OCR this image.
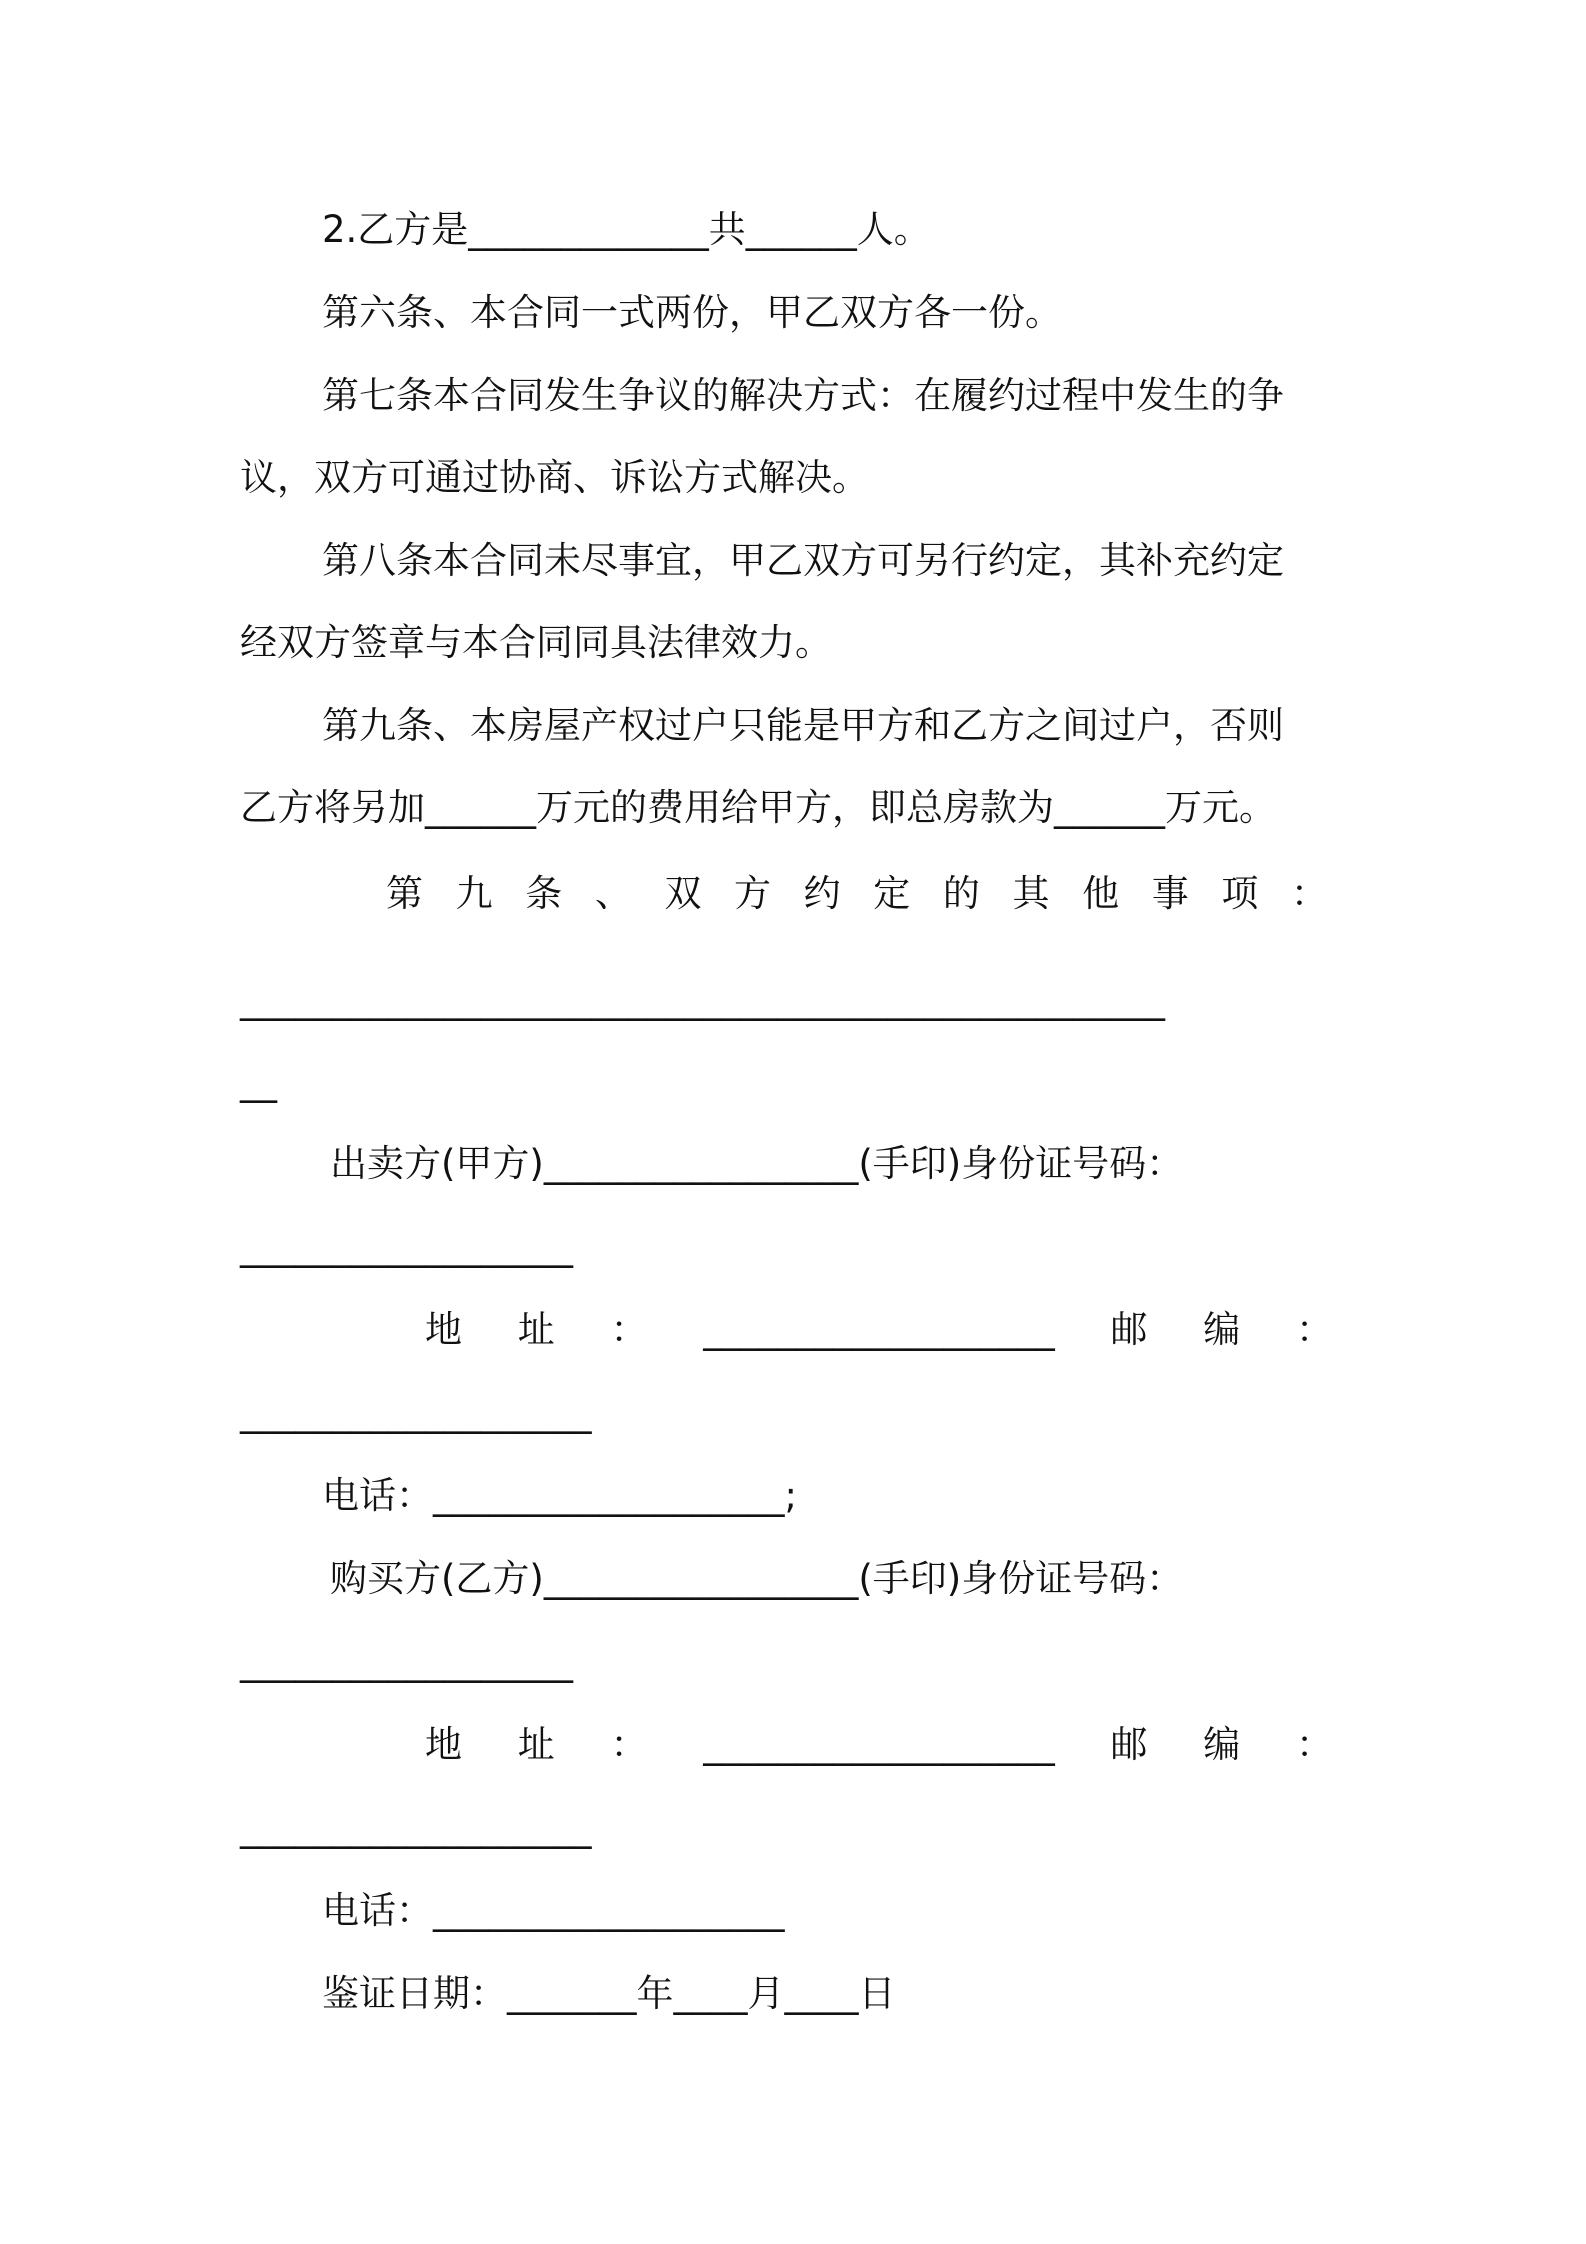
2.乙方是_____________共______人。
第六条、本合同一式两份，甲乙双方各一份。
第七条本合同发生争议的解决方式：在履约过程中发生的争
议，双方可通过协商、诉讼方式解决。
第八条本合同未尽事宜，甲乙双方可另行约定，其补充约定
经双方签章与本合同同具法律效力。
第九条、本房屋产权过户只能是甲方和乙方之间过户，否则
乙方将另加______万元的费用给甲方，即总房款为______万元。
第 九 条 、 双 方 约 定 的 其 他 事 项 ：
__________________________________________________
__
出卖方(甲方)_________________(手印)身份证号码：
__________________
地 址 ： ___________________ 邮 编 ：
___________________
电话：___________________;
购买方(乙方)_________________(手印)身份证号码：
__________________
地 址 ： ___________________ 邮 编 ：
___________________
电话：___________________
鉴证日期：_______年____月____日
